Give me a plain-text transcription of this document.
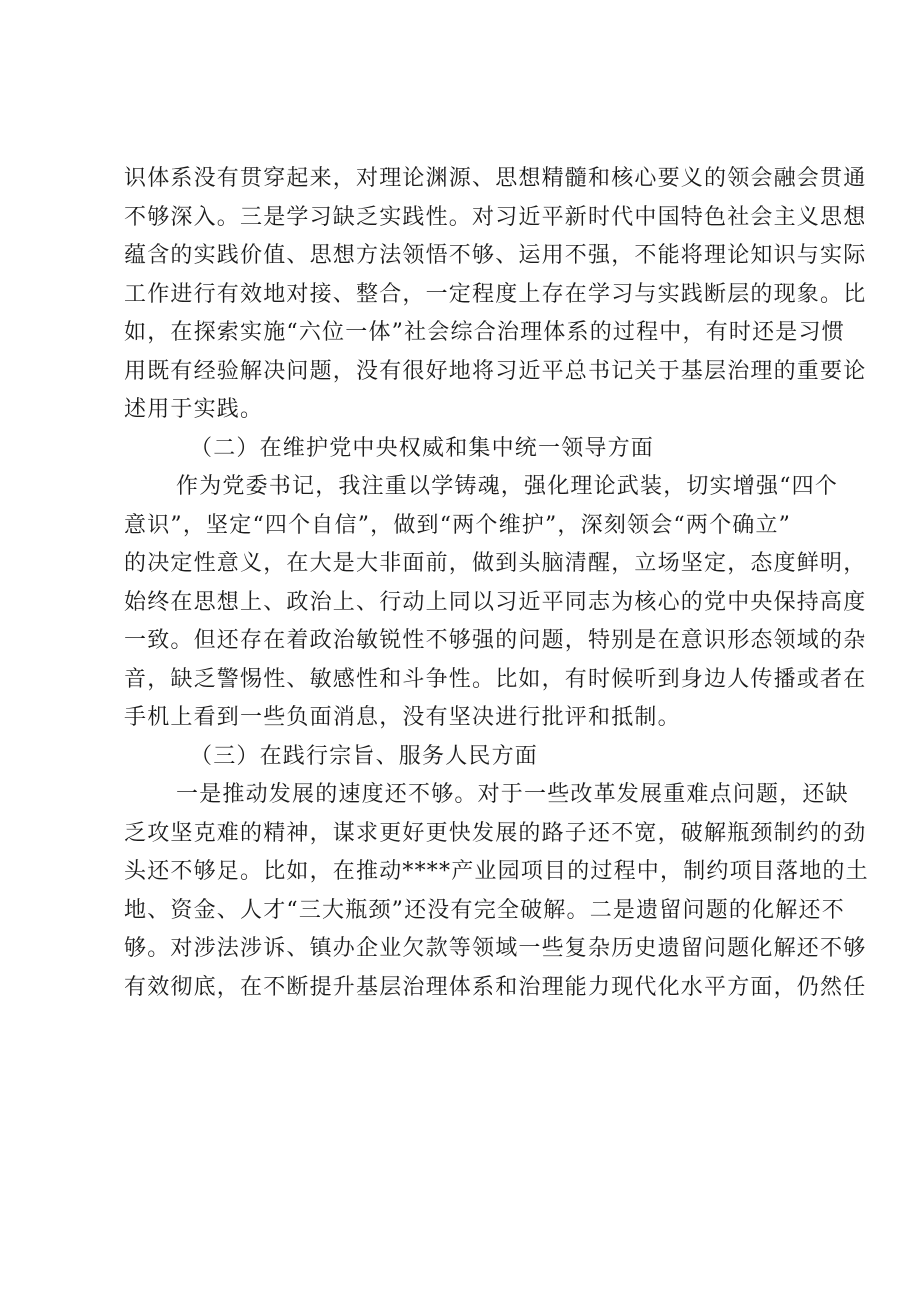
识体系没有贯穿起来，对理论渊源、思想精髓和核心要义的领会融会贯通
不够深入。三是学习缺乏实践性。对习近平新时代中国特色社会主义思想
蕴含的实践价值、思想方法领悟不够、运用不强，不能将理论知识与实际
工作进行有效地对接、整合，一定程度上存在学习与实践断层的现象。比
如，在探索实施“六位一体”社会综合治理体系的过程中，有时还是习惯
用既有经验解决问题，没有很好地将习近平总书记关于基层治理的重要论
述用于实践。
（二）在维护党中央权威和集中统一领导方面
作为党委书记，我注重以学铸魂，强化理论武装，切实增强“四个
意识”，坚定“四个自信”，做到“两个维护”，深刻领会“两个确立”
的决定性意义，在大是大非面前，做到头脑清醒，立场坚定，态度鲜明，
始终在思想上、政治上、行动上同以习近平同志为核心的党中央保持高度
一致。但还存在着政治敏锐性不够强的问题，特别是在意识形态领域的杂
音，缺乏警惕性、敏感性和斗争性。比如，有时候听到身边人传播或者在
手机上看到一些负面消息，没有坚决进行批评和抵制。
（三）在践行宗旨、服务人民方面
一是推动发展的速度还不够。对于一些改革发展重难点问题，还缺
乏攻坚克难的精神，谋求更好更快发展的路子还不宽，破解瓶颈制约的劲
头还不够足。比如，在推动****产业园项目的过程中，制约项目落地的土
地、资金、人才“三大瓶颈”还没有完全破解。二是遗留问题的化解还不
够。对涉法涉诉、镇办企业欠款等领域一些复杂历史遗留问题化解还不够
有效彻底，在不断提升基层治理体系和治理能力现代化水平方面，仍然任
